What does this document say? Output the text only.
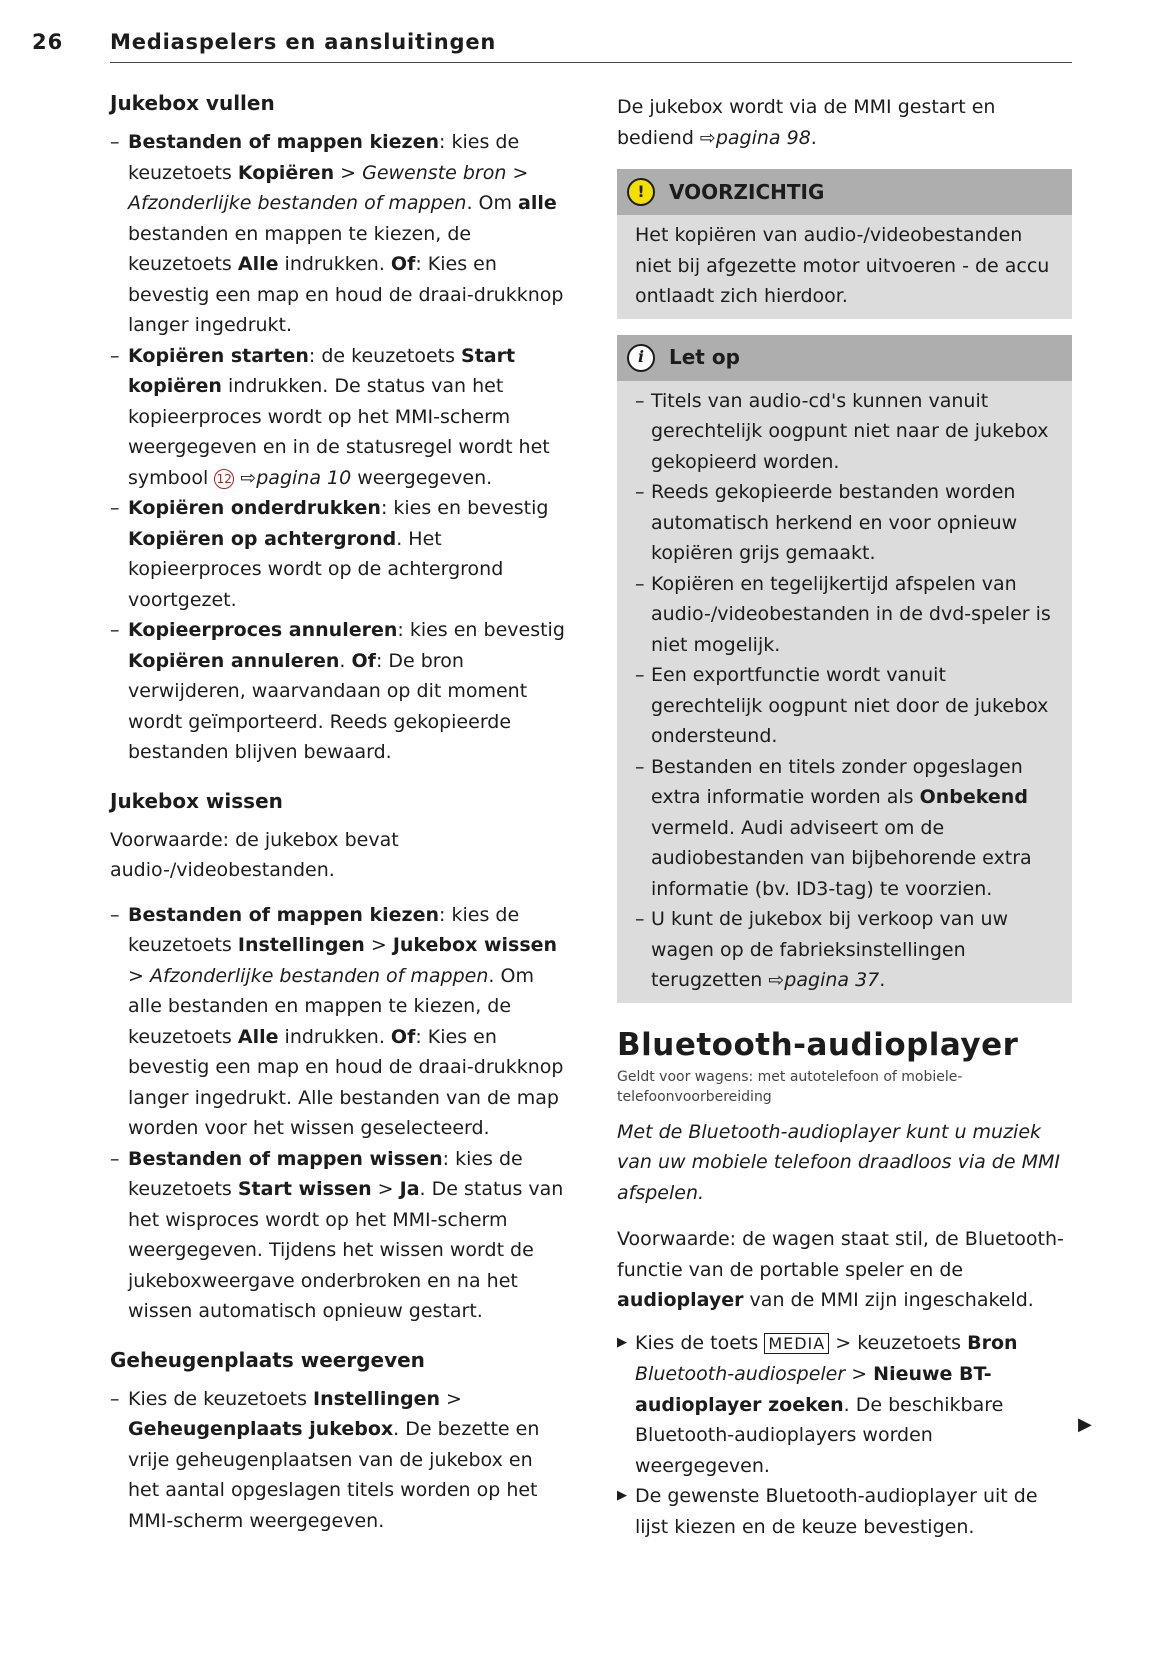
26 Mediaspelers en aansluitingen
Jukebox vullen
– Bestanden of mappen kiezen: kies de keuzetoets Kopiëren > Gewenste bron > Afzonderlijke bestanden of mappen. Om alle bestanden en mappen te kiezen, de keuzetoets Alle indrukken. Of: Kies en bevestig een map en houd de draai-drukknop langer ingedrukt.
– Kopiëren starten: de keuzetoets Start kopiëren indrukken. De status van het kopieerproces wordt op het MMI-scherm weergegeven en in de statusregel wordt het symbool 12 ⇨pagina 10 weergegeven.
– Kopiëren onderdrukken: kies en bevestig Kopiëren op achtergrond. Het kopieerproces wordt op de achtergrond voortgezet.
– Kopieerproces annuleren: kies en bevestig Kopiëren annuleren. Of: De bron verwijderen, waarvandaan op dit moment wordt geïmporteerd. Reeds gekopieerde bestanden blijven bewaard.
Jukebox wissen

Voorwaarde: de jukebox bevat audio-/videobestanden.

– Bestanden of mappen kiezen: kies de keuzetoets Instellingen > Jukebox wissen > Afzonderlijke bestanden of mappen. Om alle bestanden en mappen te kiezen, de keuzetoets Alle indrukken. Of: Kies en bevestig een map en houd de draai-drukknop langer ingedrukt. Alle bestanden van de map worden voor het wissen geselecteerd.
– Bestanden of mappen wissen: kies de keuzetoets Start wissen > Ja. De status van het wisproces wordt op het MMI-scherm weergegeven. Tijdens het wissen wordt de jukeboxweergave onderbroken en na het wissen automatisch opnieuw gestart.
Geheugenplaats weergeven
– Kies de keuzetoets Instellingen > Geheugenplaats jukebox. De bezette en vrije geheugenplaatsen van de jukebox en het aantal opgeslagen titels worden op het MMI-scherm weergegeven.

De jukebox wordt via de MMI gestart en bediend ⇨pagina 98.

!	VOORZICHTIG
Het kopiëren van audio-/videobestanden niet bij afgezette motor uitvoeren - de accu ontlaadt zich hierdoor.
i	Let op
– Titels van audio-cd's kunnen vanuit gerechtelijk oogpunt niet naar de jukebox gekopieerd worden.
– Reeds gekopieerde bestanden worden automatisch herkend en voor opnieuw kopiëren grijs gemaakt.
– Kopiëren en tegelijkertijd afspelen van audio-/videobestanden in de dvd-speler is niet mogelijk.
– Een exportfunctie wordt vanuit gerechtelijk oogpunt niet door de jukebox ondersteund.
– Bestanden en titels zonder opgeslagen extra informatie worden als Onbekend vermeld. Audi adviseert om de audiobestanden van bijbehorende extra informatie (bv. ID3-tag) te voorzien.
– U kunt de jukebox bij verkoop van uw wagen op de fabrieksinstellingen terugzetten ⇨pagina 37.
Bluetooth-audioplayer
Geldt voor wagens: met autotelefoon of mobiele-telefoonvoorbereiding

Met de Bluetooth-audioplayer kunt u muziek van uw mobiele telefoon draadloos via de MMI afspelen.

Voorwaarde: de wagen staat stil, de Bluetooth-functie van de portable speler en de audioplayer van de MMI zijn ingeschakeld.

▶ Kies de toets MEDIA > keuzetoets Bron Bluetooth-audiospeler > Nieuwe BT-audioplayer zoeken. De beschikbare Bluetooth-audioplayers worden weergegeven.
▶ De gewenste Bluetooth-audioplayer uit de lijst kiezen en de keuze bevestigen.
▶
